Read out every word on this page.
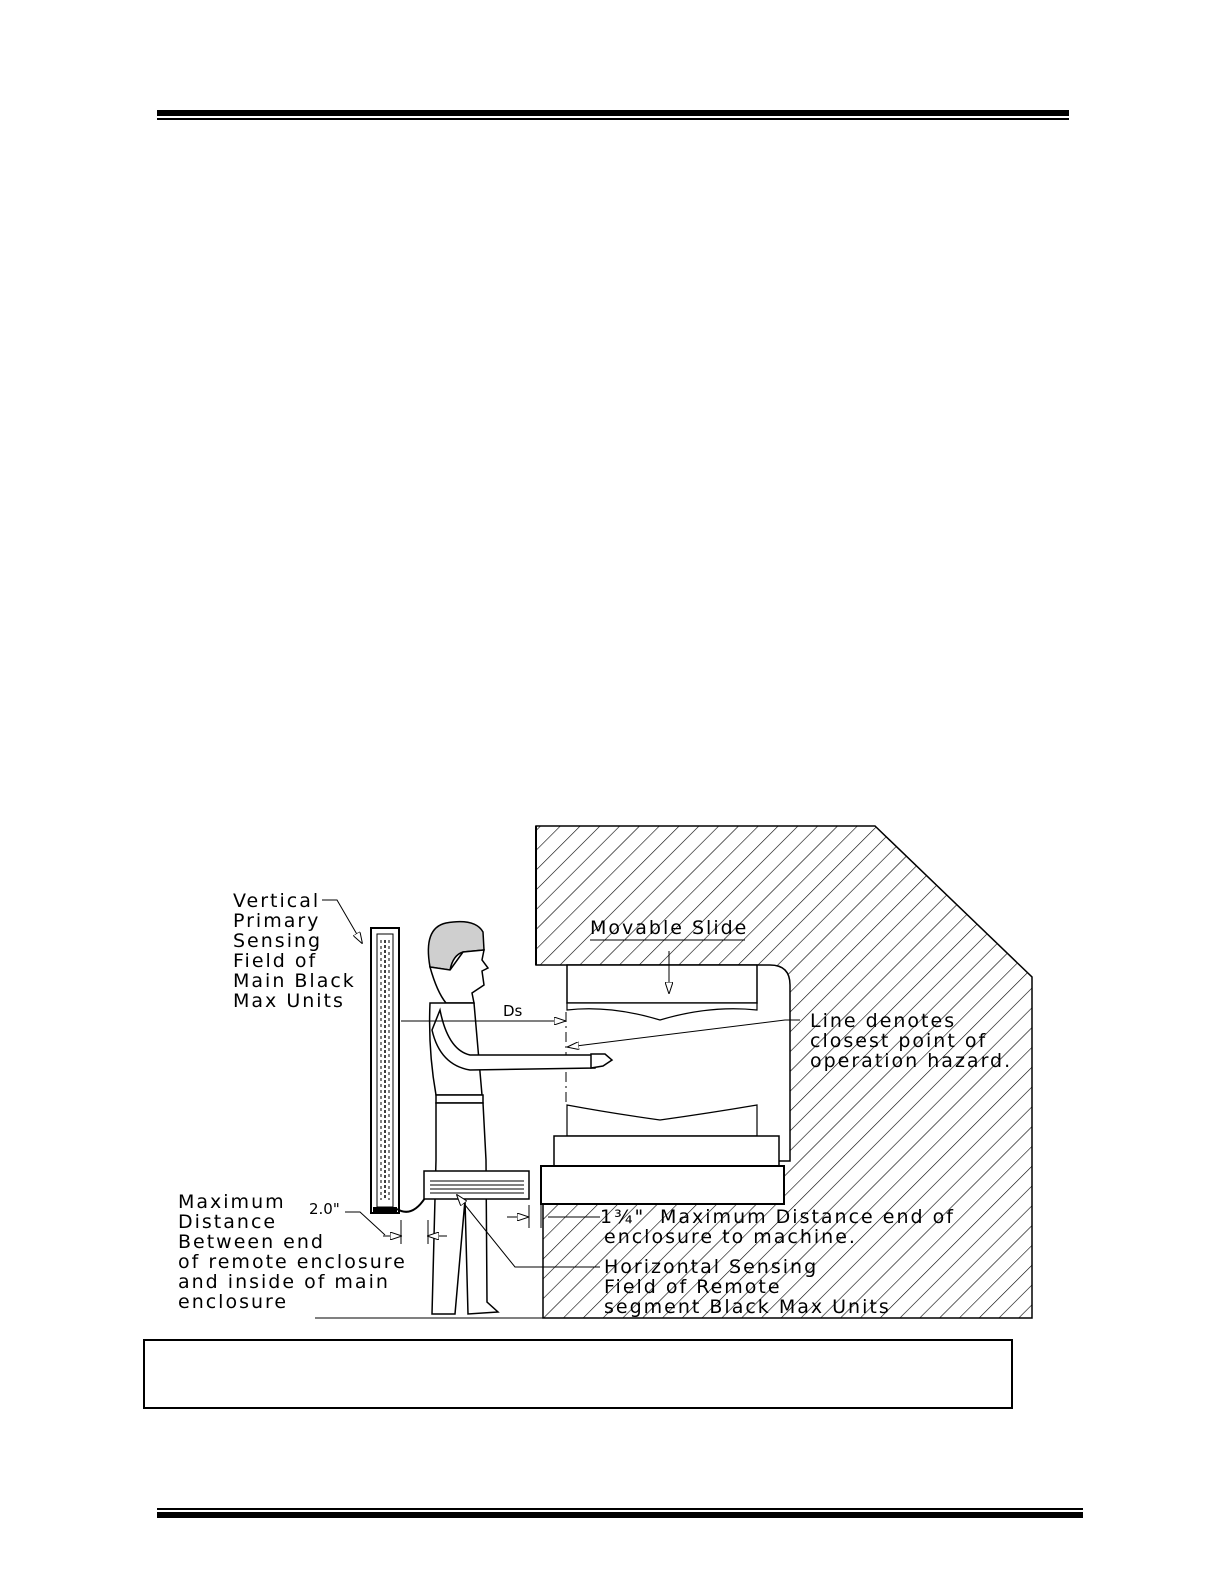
Ds
Vertical
Primary
Sensing
Field of
Main Black
Max Units
Movable Slide
Line denotes
closest point of
operation hazard.
Maximum
Distance
Between end
of remote enclosure
and inside of main
enclosure
1¾" Maximum Distance end of
enclosure to machine.
Horizontal Sensing
Field of Remote
segment Black Max Units
2.0"
